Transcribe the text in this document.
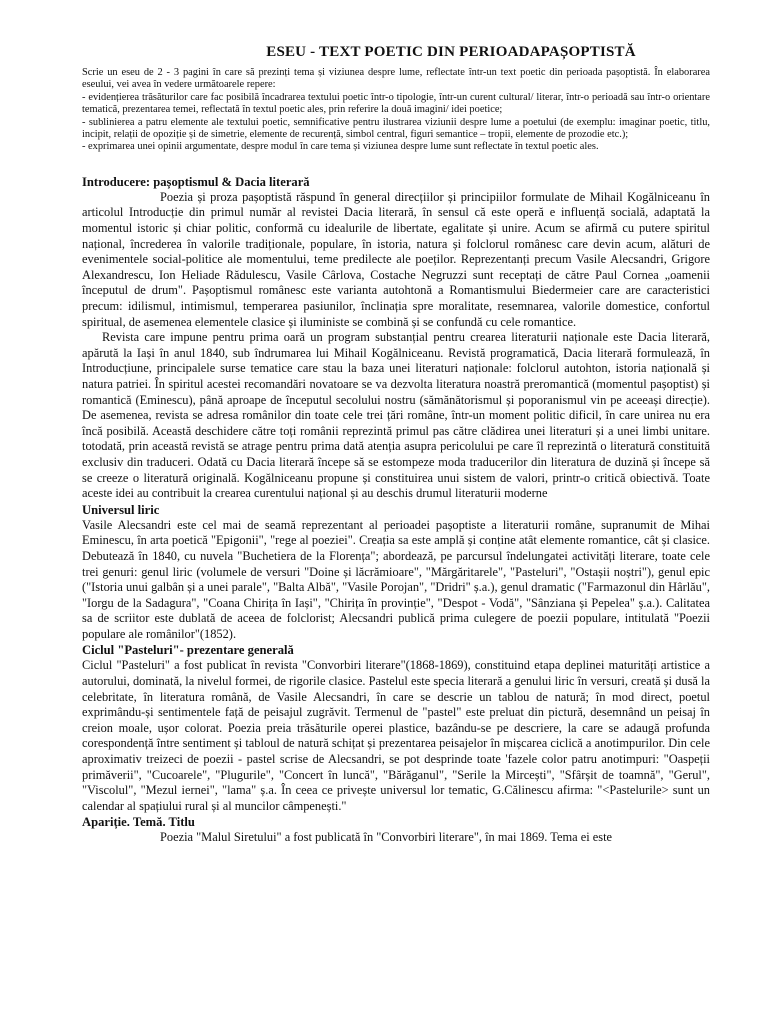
ESEU - TEXT POETIC DIN PERIOADAPAȘOPTISTĂ

Scrie un eseu de 2 - 3 pagini în care să prezinți tema și viziunea despre lume, reflectate într-un text poetic din perioada pașoptistă. În elaborarea eseului, vei avea în vedere următoarele repere:

- evidențierea trăsăturilor care fac posibilă încadrarea textului poetic într-o tipologie, într-un curent cultural/ literar, într-o perioadă sau într-o orientare tematică, prezentarea temei, reflectată în textul poetic ales, prin referire la două imagini/ idei poetice;

- sublinierea a patru elemente ale textului poetic, semnificative pentru ilustrarea viziunii despre lume a poetului (de exemplu: imaginar poetic, titlu, incipit, relații de opoziție și de simetrie, elemente de recurență, simbol central, figuri semantice – tropii, elemente de prozodie etc.);

- exprimarea unei opinii argumentate, despre modul în care tema și viziunea despre lume sunt reflectate în textul poetic ales.

Introducere: pașoptismul & Dacia literară

Poezia și proza pașoptistă răspund în general direcțiilor și principiilor formulate de Mihail Kogălniceanu în articolul Introducție din primul număr al revistei Dacia literară, în sensul că este operă e influență socială, adaptată la momentul istoric și chiar politic, conformă cu idealurile de libertate, egalitate și unire. Acum se afirmă cu putere spiritul național, încrederea în valorile tradiționale, populare, în istoria, natura și folclorul românesc care devin acum, alături de evenimentele social-politice ale momentului, teme predilecte ale poeților. Reprezentanți precum Vasile Alecsandri, Grigore Alexandrescu, Ion Heliade Rădulescu, Vasile Cârlova, Costache Negruzzi sunt receptați de către Paul Cornea „oamenii începutul de drum". Pașoptismul românesc este varianta autohtonă a Romantismului Biedermeier care are caracteristici precum: idilismul, intimismul, temperarea pasiunilor, înclinația spre moralitate, resemnarea, valorile domestice, confortul spiritual, de asemenea elementele clasice și iluministe se combină și se confundă cu cele romantice.

Revista care impune pentru prima oară un program substanțial pentru crearea literaturii naționale este Dacia literară, apărută la Iași în anul 1840, sub îndrumarea lui Mihail Kogălniceanu. Revistă programatică, Dacia literară formulează, în Introducțiune, principalele surse tematice care stau la baza unei literaturi naționale: folclorul autohton, istoria națională și natura patriei. În spiritul acestei recomandări novatoare se va dezvolta literatura noastră preromantică (momentul pașoptist) și romantică (Eminescu), până aproape de începutul secolului nostru (sămănătorismul și poporanismul vin pe aceeași direcție). De asemenea, revista se adresa românilor din toate cele trei țări române, într-un moment politic dificil, în care unirea nu era încă posibilă. Această deschidere către toți românii reprezintă primul pas către clădirea unei literaturi și a unei limbi unitare. totodată, prin această revistă se atrage pentru prima dată atenția asupra pericolului pe care îl reprezintă o literatură constituită exclusiv din traduceri. Odată cu Dacia literară începe să se estompeze moda traducerilor din literatura de duzină și începe să se creeze o literatură originală. Kogălniceanu propune și constituirea unui sistem de valori, printr-o critică obiectivă. Toate aceste idei au contribuit la crearea curentului național și au deschis drumul literaturii moderne

Universul liric

Vasile Alecsandri este cel mai de seamă reprezentant al perioadei pașoptiste a literaturii române, supranumit de Mihai Eminescu, în arta poetică "Epigonii", "rege al poeziei". Creația sa este amplă și conține atât elemente romantice, cât și clasice. Debutează în 1840, cu nuvela "Buchetiera de la Florența"; abordează, pe parcursul îndelungatei activități literare, toate cele trei genuri: genul liric (volumele de versuri "Doine și lăcrămioare", "Mărgăritarele", "Pasteluri", "Ostașii noștri"), genul epic ("Istoria unui galbân și a unei parale", "Balta Albă", "Vasile Porojan", "Dridri" ș.a.), genul dramatic ("Farmazonul din Hârlău", "Iorgu de la Sadagura", "Coana Chirița în Iași", "Chirița în provinție", "Despot - Vodă", "Sânziana și Pepelea" ș.a.). Calitatea sa de scriitor este dublată de aceea de folclorist; Alecsandri publică prima culegere de poezii populare, intitulată "Poezii populare ale românilor"(1852).

Ciclul "Pasteluri"- prezentare generală

Ciclul "Pasteluri" a fost publicat în revista "Convorbiri literare"(1868-1869), constituind etapa deplinei maturități artistice a autorului, dominată, la nivelul formei, de rigorile clasice. Pastelul este specia literară a genului liric în versuri, creată și dusă la celebritate, în literatura română, de Vasile Alecsandri, în care se descrie un tablou de natură; în mod direct, poetul exprimându-și sentimentele față de peisajul zugrăvit. Termenul de "pastel" este preluat din pictură, desemnând un peisaj în creion moale, ușor colorat. Poezia preia trăsăturile operei plastice, bazându-se pe descriere, la care se adaugă profunda corespondență între sentiment și tabloul de natură schițat și prezentarea peisajelor în mișcarea ciclică a anotimpurilor. Din cele aproximativ treizeci de poezii - pastel scrise de Alecsandri, se pot desprinde toate 'fazele color patru anotimpuri: "Oaspeții primăverii", "Cucoarele", "Plugurile", "Concert în luncă", "Bărăganul", "Serile la Mircești", "Sfârșit de toamnă", "Gerul", "Viscolul", "Mezul iernei", "lama" ș.a. În ceea ce privește universul lor tematic, G.Călinescu afirma: "<Pastelurile> sunt un calendar al spațiului rural și al muncilor câmpenești."

Apariție. Temă. Titlu

Poezia "Malul Siretului" a fost publicată în "Convorbiri literare", în mai 1869. Tema ei este
